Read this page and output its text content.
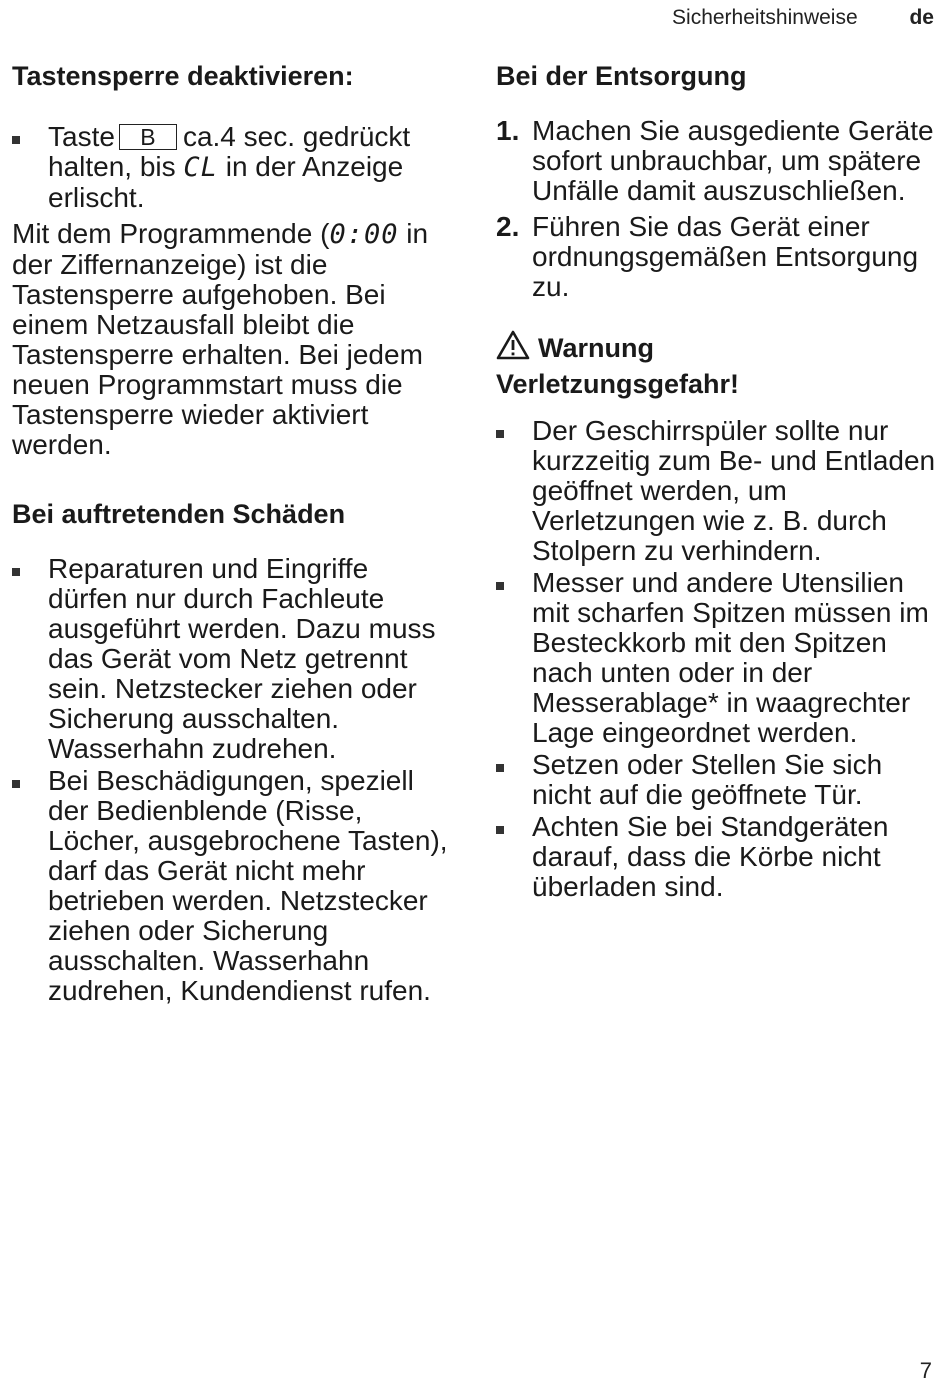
Sicherheitshinweise de
Tastensperre deaktivieren:
Taste B ca.4 sec. gedrückt halten, bis CL in der Anzeige erlischt.

Mit dem Programmende (0:00 in der Ziffernanzeige) ist die Tastensperre aufgehoben. Bei einem Netzausfall bleibt die Tastensperre erhalten. Bei jedem neuen Programmstart muss die Tastensperre wieder aktiviert werden.

Bei auftretenden Schäden
Reparaturen und Eingriffe dürfen nur durch Fachleute ausgeführt werden. Dazu muss das Gerät vom Netz getrennt sein. Netzstecker ziehen oder Sicherung ausschalten. Wasserhahn zudrehen.
Bei Beschädigungen, speziell der Bedienblende (Risse, Löcher, ausgebrochene Tasten), darf das Gerät nicht mehr betrieben werden. Netzstecker ziehen oder Sicherung ausschalten. Wasserhahn zudrehen, Kundendienst rufen.
Bei der Entsorgung
1. Machen Sie ausgediente Geräte sofort unbrauchbar, um spätere Unfälle damit auszuschließen.
2. Führen Sie das Gerät einer ordnungsgemäßen Entsorgung zu.
Warnung
Verletzungsgefahr!
Der Geschirrspüler sollte nur kurzzeitig zum Be- und Entladen geöffnet werden, um Verletzungen wie z. B. durch Stolpern zu verhindern.
Messer und andere Utensilien mit scharfen Spitzen müssen im Besteckkorb mit den Spitzen nach unten oder in der Messerablage* in waagrechter Lage eingeordnet werden.
Setzen oder Stellen Sie sich nicht auf die geöffnete Tür.
Achten Sie bei Standgeräten darauf, dass die Körbe nicht überladen sind.
7
